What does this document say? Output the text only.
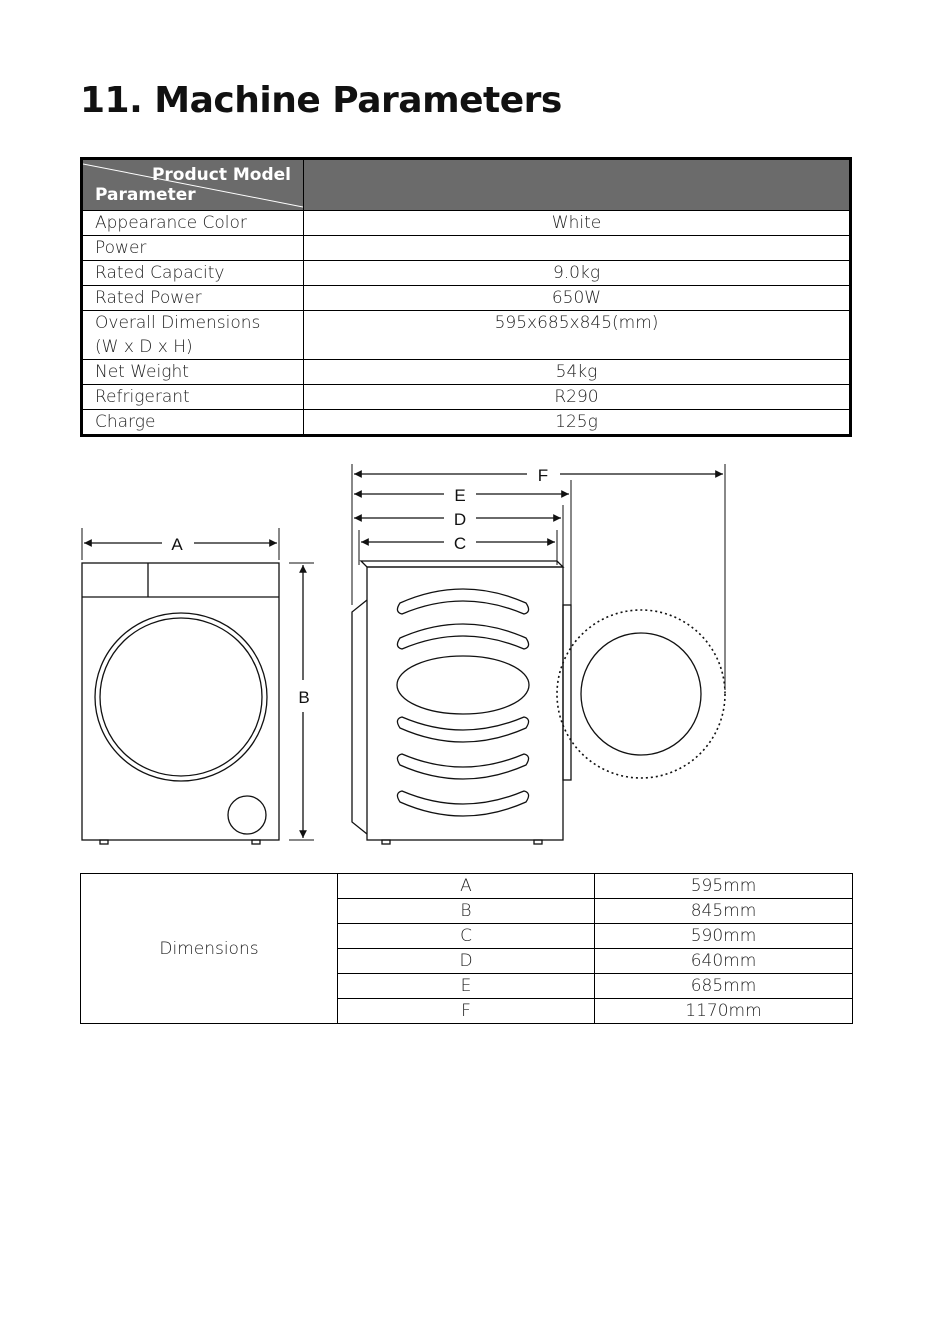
11. Machine Parameters
Product Model
Parameter	

Appearance Color	White
Power	
Rated Capacity	9.0kg
Rated Power	650W
Overall Dimensions
(W x D x H)	595x685x845(mm)
Net Weight	54kg
Refrigerant	R290
Charge	125g
A
B
F
E
D
C
Dimensions	A	595mm
	B	845mm
	C	590mm
	D	640mm
	E	685mm
	F	1170mm
